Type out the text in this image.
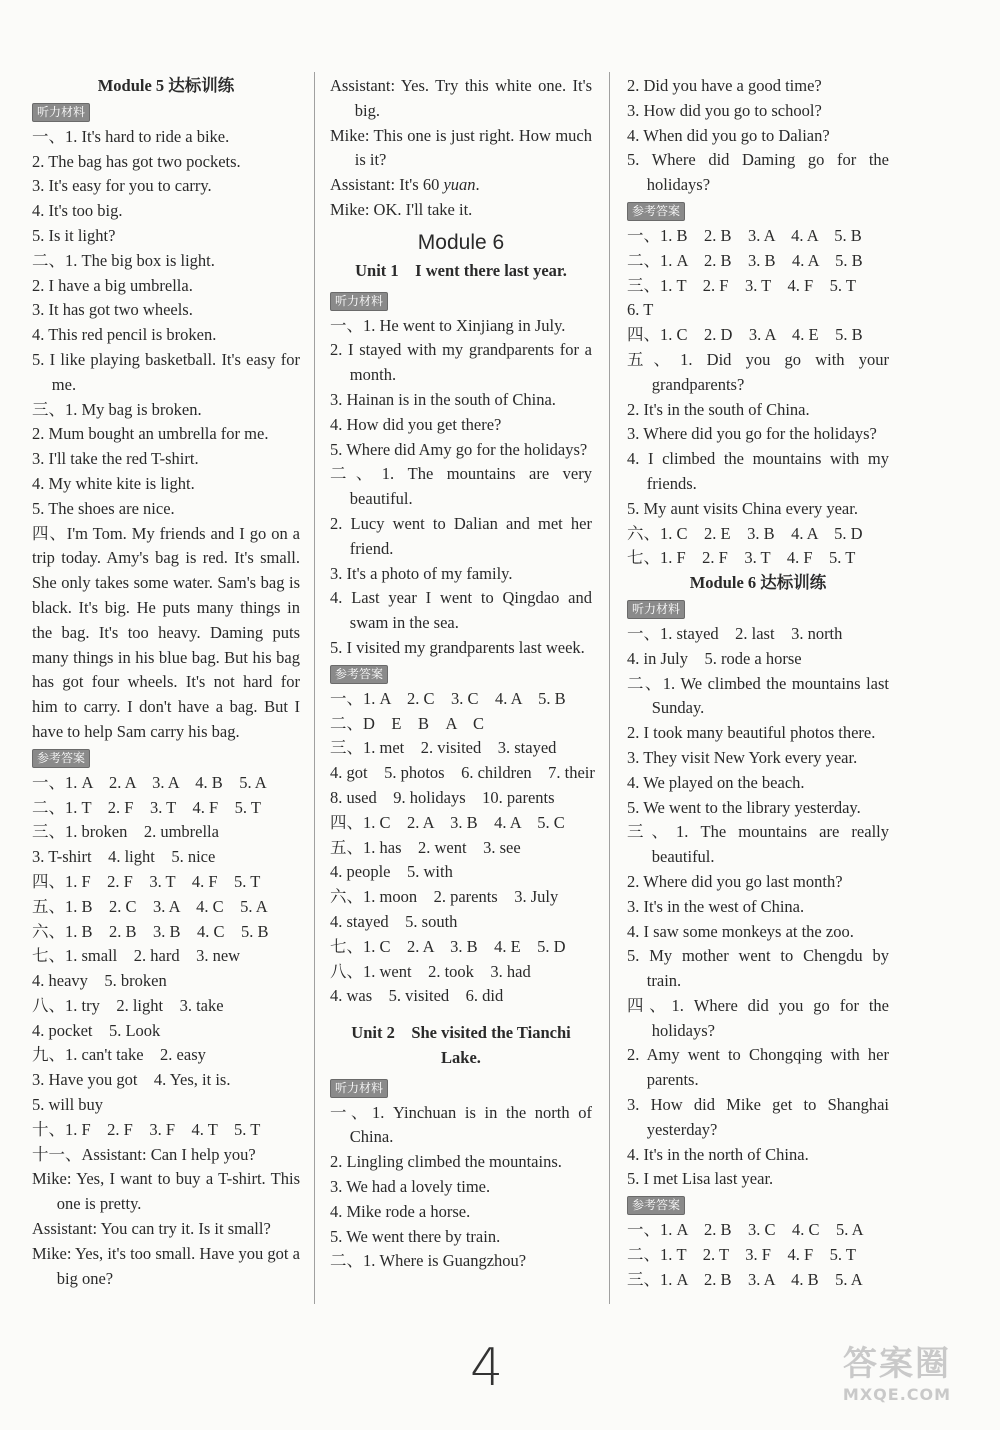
Module 5 达标训练
听力材料
一、1. It's hard to ride a bike.
2. The bag has got two pockets.
3. It's easy for you to carry.
4. It's too big.
5. Is it light?
二、1. The big box is light.
2. I have a big umbrella.
3. It has got two wheels.
4. This red pencil is broken.
5. I like playing basketball. It's easy for me.
三、1. My bag is broken.
2. Mum bought an umbrella for me.
3. I'll take the red T-shirt.
4. My white kite is light.
5. The shoes are nice.
四、I'm Tom. My friends and I go on a trip today. Amy's bag is red. It's small. She only takes some water. Sam's bag is black. It's big. He puts many things in the bag. It's too heavy. Daming puts many things in his blue bag. But his bag has got four wheels. It's not hard for him to carry. I don't have a bag. But I have to help Sam carry his bag.
参考答案
一、1. A　2. A　3. A　4. B　5. A
二、1. T　2. F　3. T　4. F　5. T
三、1. broken　2. umbrella
3. T-shirt　4. light　5. nice
四、1. F　2. F　3. T　4. F　5. T
五、1. B　2. C　3. A　4. C　5. A
六、1. B　2. B　3. B　4. C　5. B
七、1. small　2. hard　3. new
4. heavy　5. broken
八、1. try　2. light　3. take
4. pocket　5. Look
九、1. can't take　2. easy
3. Have you got　4. Yes, it is.
5. will buy
十、1. F　2. F　3. F　4. T　5. T
十一、Assistant: Can I help you?
Mike: Yes, I want to buy a T-shirt. This one is pretty.
Assistant: You can try it. Is it small?
Mike: Yes, it's too small. Have you got a big one?
Assistant: Yes. Try this white one. It's big.
Mike: This one is just right. How much is it?
Assistant: It's 60 yuan.
Mike: OK. I'll take it.
Module 6
Unit 1　I went there last year.
听力材料
一、1. He went to Xinjiang in July.
2. I stayed with my grandparents for a month.
3. Hainan is in the south of China.
4. How did you get there?
5. Where did Amy go for the holidays?
二、1. The mountains are very beautiful.
2. Lucy went to Dalian and met her friend.
3. It's a photo of my family.
4. Last year I went to Qingdao and swam in the sea.
5. I visited my grandparents last week.
参考答案
一、1. A　2. C　3. C　4. A　5. B
二、D　E　B　A　C
三、1. met　2. visited　3. stayed
4. got　5. photos　6. children　7. their
8. used　9. holidays　10. parents
四、1. C　2. A　3. B　4. A　5. C
五、1. has　2. went　3. see
4. people　5. with
六、1. moon　2. parents　3. July
4. stayed　5. south
七、1. C　2. A　3. B　4. E　5. D
八、1. went　2. took　3. had
4. was　5. visited　6. did
Unit 2　She visited the Tianchi Lake.
听力材料
一、1. Yinchuan is in the north of China.
2. Lingling climbed the mountains.
3. We had a lovely time.
4. Mike rode a horse.
5. We went there by train.
二、1. Where is Guangzhou?
2. Did you have a good time?
3. How did you go to school?
4. When did you go to Dalian?
5. Where did Daming go for the holidays?
参考答案
一、1. B　2. B　3. A　4. A　5. B
二、1. A　2. B　3. B　4. A　5. B
三、1. T　2. F　3. T　4. F　5. T
6. T
四、1. C　2. D　3. A　4. E　5. B
五、1. Did you go with your grandparents?
2. It's in the south of China.
3. Where did you go for the holidays?
4. I climbed the mountains with my friends.
5. My aunt visits China every year.
六、1. C　2. E　3. B　4. A　5. D
七、1. F　2. F　3. T　4. F　5. T
Module 6 达标训练
听力材料
一、1. stayed　2. last　3. north
4. in July　5. rode a horse
二、1. We climbed the mountains last Sunday.
2. I took many beautiful photos there.
3. They visit New York every year.
4. We played on the beach.
5. We went to the library yesterday.
三、1. The mountains are really beautiful.
2. Where did you go last month?
3. It's in the west of China.
4. I saw some monkeys at the zoo.
5. My mother went to Chengdu by train.
四、1. Where did you go for the holidays?
2. Amy went to Chongqing with her parents.
3. How did Mike get to Shanghai yesterday?
4. It's in the north of China.
5. I met Lisa last year.
参考答案
一、1. A　2. B　3. C　4. C　5. A
二、1. T　2. T　3. F　4. F　5. T
三、1. A　2. B　3. A　4. B　5. A
4	答案圈
MXQE.COM
